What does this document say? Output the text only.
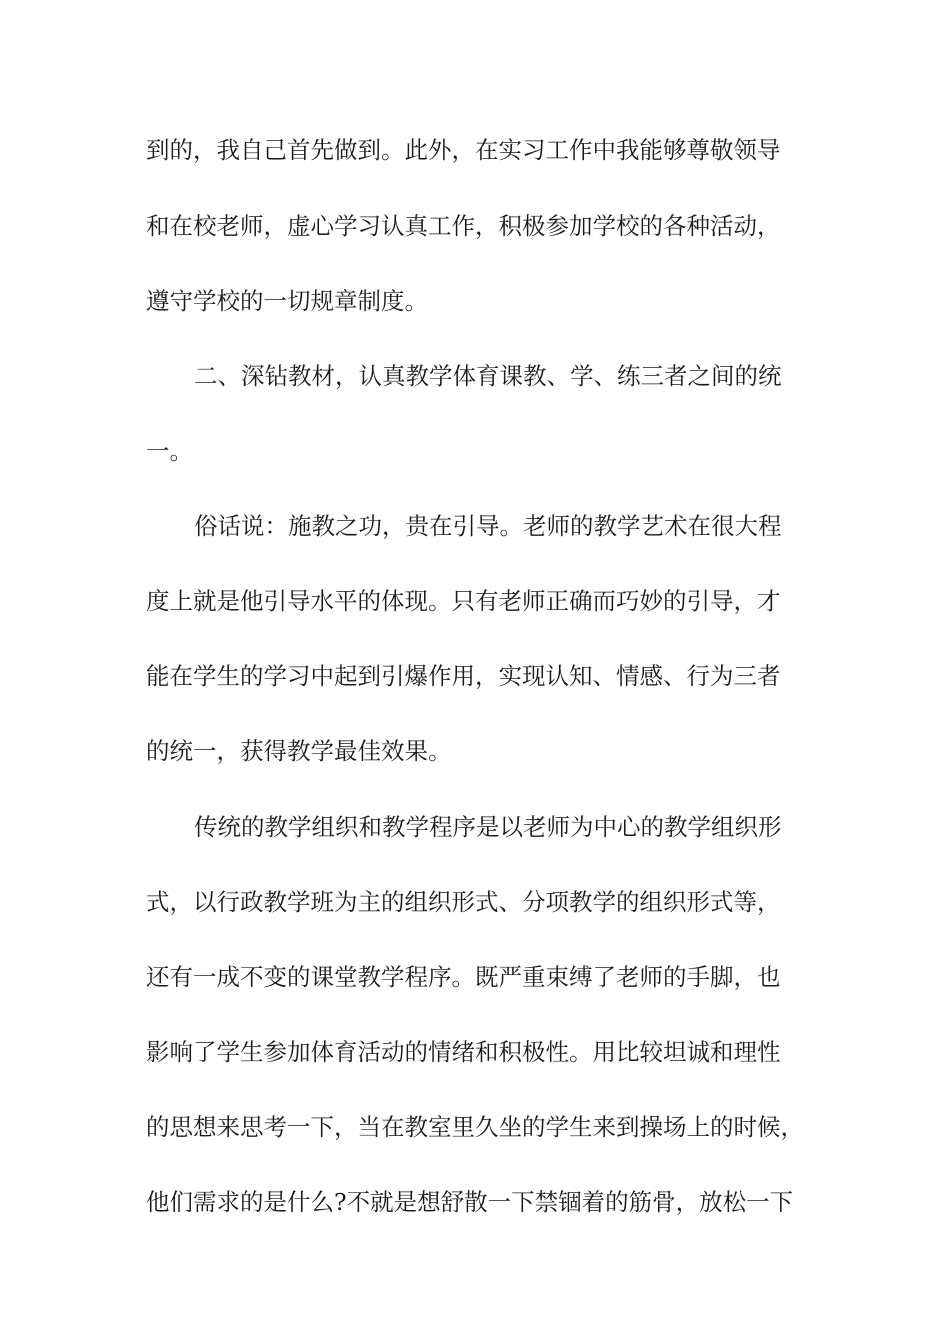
到的，我自己首先做到。此外，在实习工作中我能够尊敬领导
和在校老师，虚心学习认真工作，积极参加学校的各种活动，
遵守学校的一切规章制度。
二、深钻教材，认真教学体育课教、学、练三者之间的统
一。
俗话说：施教之功，贵在引导。老师的教学艺术在很大程
度上就是他引导水平的体现。只有老师正确而巧妙的引导，才
能在学生的学习中起到引爆作用，实现认知、情感、行为三者
的统一，获得教学最佳效果。
传统的教学组织和教学程序是以老师为中心的教学组织形
式，以行政教学班为主的组织形式、分项教学的组织形式等，
还有一成不变的课堂教学程序。既严重束缚了老师的手脚，也
影响了学生参加体育活动的情绪和积极性。用比较坦诚和理性
的思想来思考一下，当在教室里久坐的学生来到操场上的时候，
他们需求的是什么?不就是想舒散一下禁锢着的筋骨，放松一下
